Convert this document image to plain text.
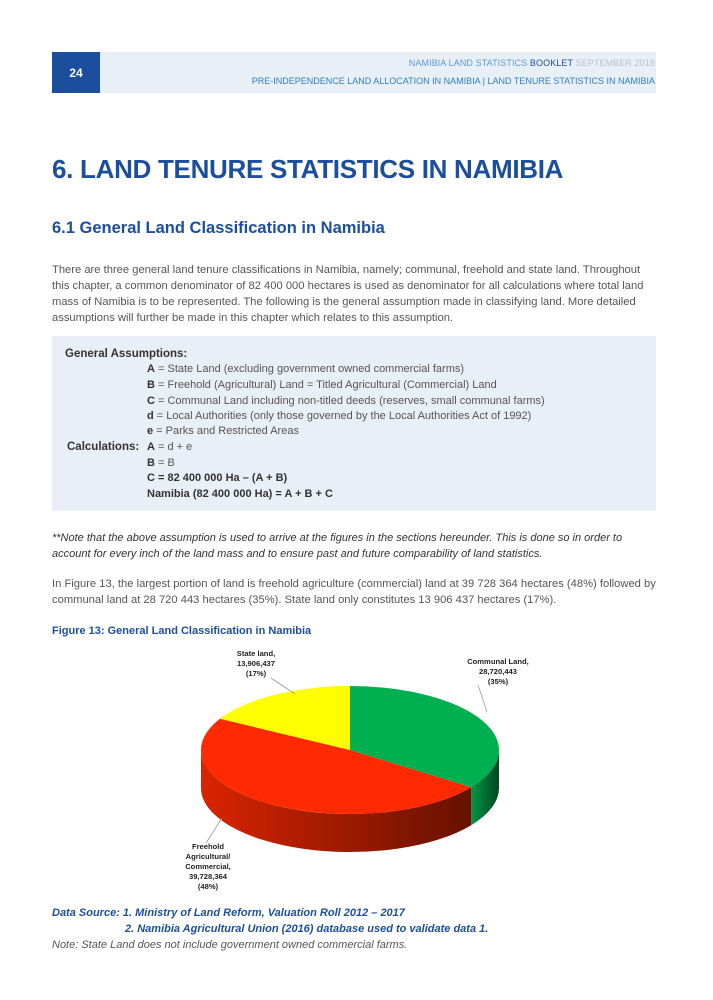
24
NAMIBIA LAND STATISTICS BOOKLET SEPTEMBER 2018
PRE-INDEPENDENCE LAND ALLOCATION IN NAMIBIA | LAND TENURE STATISTICS IN NAMIBIA
6. LAND TENURE STATISTICS IN NAMIBIA
6.1 General Land Classification in Namibia

There are three general land tenure classifications in Namibia, namely; communal, freehold and state land. Throughout this chapter, a common denominator of 82 400 000 hectares is used as denominator for all calculations where total land mass of Namibia is to be represented. The following is the general assumption made in classifying land. More detailed assumptions will further be made in this chapter which relates to this assumption.

General Assumptions:
A = State Land (excluding government owned commercial farms)
B = Freehold (Agricultural) Land = Titled Agricultural (Commercial) Land
C = Communal Land including non-titled deeds (reserves, small communal farms)
d = Local Authorities (only those governed by the Local Authorities Act of 1992)
e = Parks and Restricted Areas
Calculations: A = d + e
B = B
C = 82 400 000 Ha – (A + B)
Namibia (82 400 000 Ha) = A + B + C

**Note that the above assumption is used to arrive at the figures in the sections hereunder. This is done so in order to account for every inch of the land mass and to ensure past and future comparability of land statistics.

In Figure 13, the largest portion of land is freehold agriculture (commercial) land at 39 728 364 hectares (48%) followed by communal land at 28 720 443 hectares (35%). State land only constitutes 13 906 437 hectares (17%).

Figure 13: General Land Classification in Namibia
Communal Land,
28,720,443
(35%)
Freehold
Agricultural/
Commercial,
39,728,364
(48%)
State land,
13,906,437
(17%)
Data Source: 1. Ministry of Land Reform, Valuation Roll 2012 – 2017
2. Namibia Agricultural Union (2016) database used to validate data 1.
Note: State Land does not include government owned commercial farms.
